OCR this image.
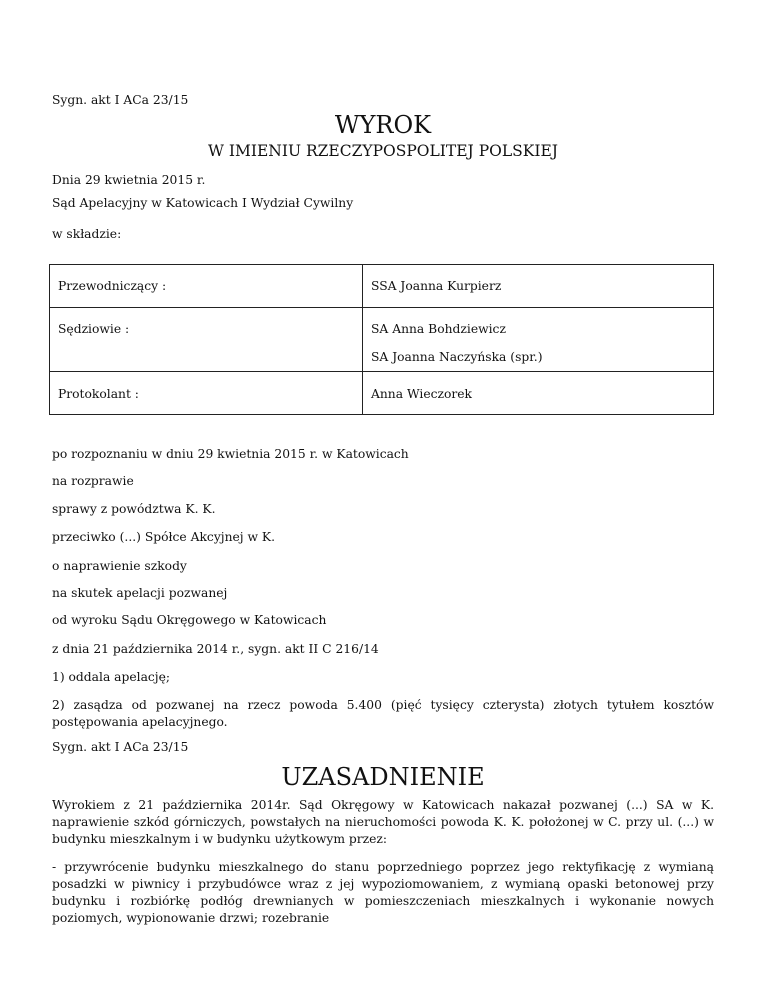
Sygn. akt I ACa 23/15
WYROK
W IMIENIU RZECZYPOSPOLITEJ POLSKIEJ
Dnia 29 kwietnia 2015 r.
Sąd Apelacyjny w Katowicach I Wydział Cywilny
w składzie:
Przewodniczący :	SSA Joanna Kurpierz
Sędziowie :	SA Anna Bohdziewicz
SA Joanna Naczyńska (spr.)

Protokolant :	Anna Wieczorek
po rozpoznaniu w dniu 29 kwietnia 2015 r. w Katowicach
na rozprawie
sprawy z powództwa K. K.
przeciwko (...) Spółce Akcyjnej w K.
o naprawienie szkody
na skutek apelacji pozwanej
od wyroku Sądu Okręgowego w Katowicach
z dnia 21 października 2014 r., sygn. akt II C 216/14
1) oddala apelację;
2) zasądza od pozwanej na rzecz powoda 5.400 (pięć tysięcy czterysta) złotych tytułem kosztów postępowania apelacyjnego.
Sygn. akt I ACa 23/15
UZASADNIENIE
Wyrokiem z 21 października 2014r. Sąd Okręgowy w Katowicach nakazał pozwanej (...) SA w K. naprawienie szkód górniczych, powstałych na nieruchomości powoda K. K. położonej w C. przy ul. (...) w budynku mieszkalnym i w budynku użytkowym przez:
- przywrócenie budynku mieszkalnego do stanu poprzedniego poprzez jego rektyfikację z wymianą posadzki w piwnicy i przybudówce wraz z jej wypoziomowaniem, z wymianą opaski betonowej przy budynku i rozbiórkę podłóg drewnianych w pomieszczeniach mieszkalnych i wykonanie nowych poziomych, wypionowanie drzwi; rozebranie
